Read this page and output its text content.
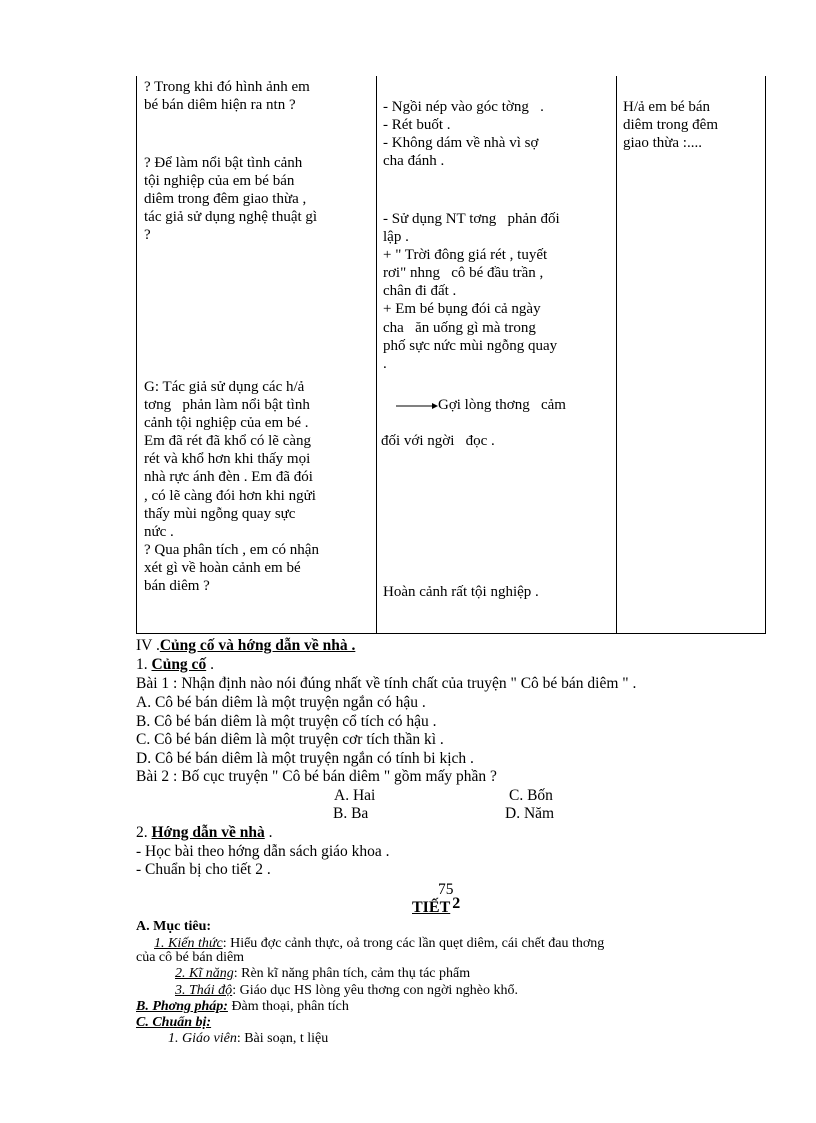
? Trong khi đó hình ảnh em
bé bán diêm hiện ra ntn ?

? Để làm nổi bật tình cảnh
tội nghiệp của em bé bán
diêm trong đêm giao thừa ,
tác giả sử dụng nghệ thuật gì
?

G: Tác giả sử dụng các h/ả
tơng   phản làm nổi bật tình
cảnh tội nghiệp của em bé .
Em đã rét đã khổ có lẽ càng
rét và khổ hơn khi thấy mọi
nhà rực ánh đèn . Em đã đói
, có lẽ càng đói hơn khi ngửi
thấy mùi ngỗng quay sực
nức .
? Qua phân tích , em có nhận
xét gì về hoàn cảnh em bé
bán diêm ?

- Ngồi nép vào góc tờng   .
- Rét buốt .
- Không dám về nhà vì sợ
cha đánh .

- Sử dụng NT tơng   phản đối
lập .
+ " Trời đông giá rét , tuyết
rơi" nhng   cô bé đầu trần ,
chân đi đất .
+ Em bé bụng đói cả ngày
cha   ăn uống gì mà trong
phố sực nức mùi ngỗng quay
.

Gợi lòng thơng   cảm

đối với ngời   đọc .

Hoàn cảnh rất tội nghiệp .

H/ả em bé bán
diêm trong đêm
giao thừa :....

IV .Củng cố và hớng dẫn về nhà .
1. Củng cố .
Bài 1 : Nhận định nào nói đúng nhất về tính chất của truyện " Cô bé bán diêm " .
A. Cô bé bán diêm là một truyện ngắn có hậu .
B. Cô bé bán diêm là một truyện cổ tích có hậu .
C. Cô bé bán diêm là một truyện cơr tích thần kì .
D. Cô bé bán diêm là một truyện ngắn có tính bi kịch .
Bài 2 : Bố cục truyện " Cô bé bán diêm " gồm mấy phần ?
A. Hai	C. Bốn
B. Ba	D. Năm
2. Hớng dẫn về nhà .
- Học bài theo hớng dẫn sách giáo khoa .
- Chuẩn bị cho tiết 2 .
75
TIẾT 2
A. Mục tiêu:
1. Kiến thức: Hiểu đợc cảnh thực, oả trong các lần quẹt diêm, cái chết đau thơng
của cô bé bán diêm
2. Kĩ năng: Rèn kĩ năng phân tích, cảm thụ tác phẩm
3. Thái độ: Giáo dục HS lòng yêu thơng con ngời nghèo khổ.
B. Phơng pháp: Đàm thoại, phân tích
C. Chuẩn bị:
1. Giáo viên: Bài soạn, t liệu
